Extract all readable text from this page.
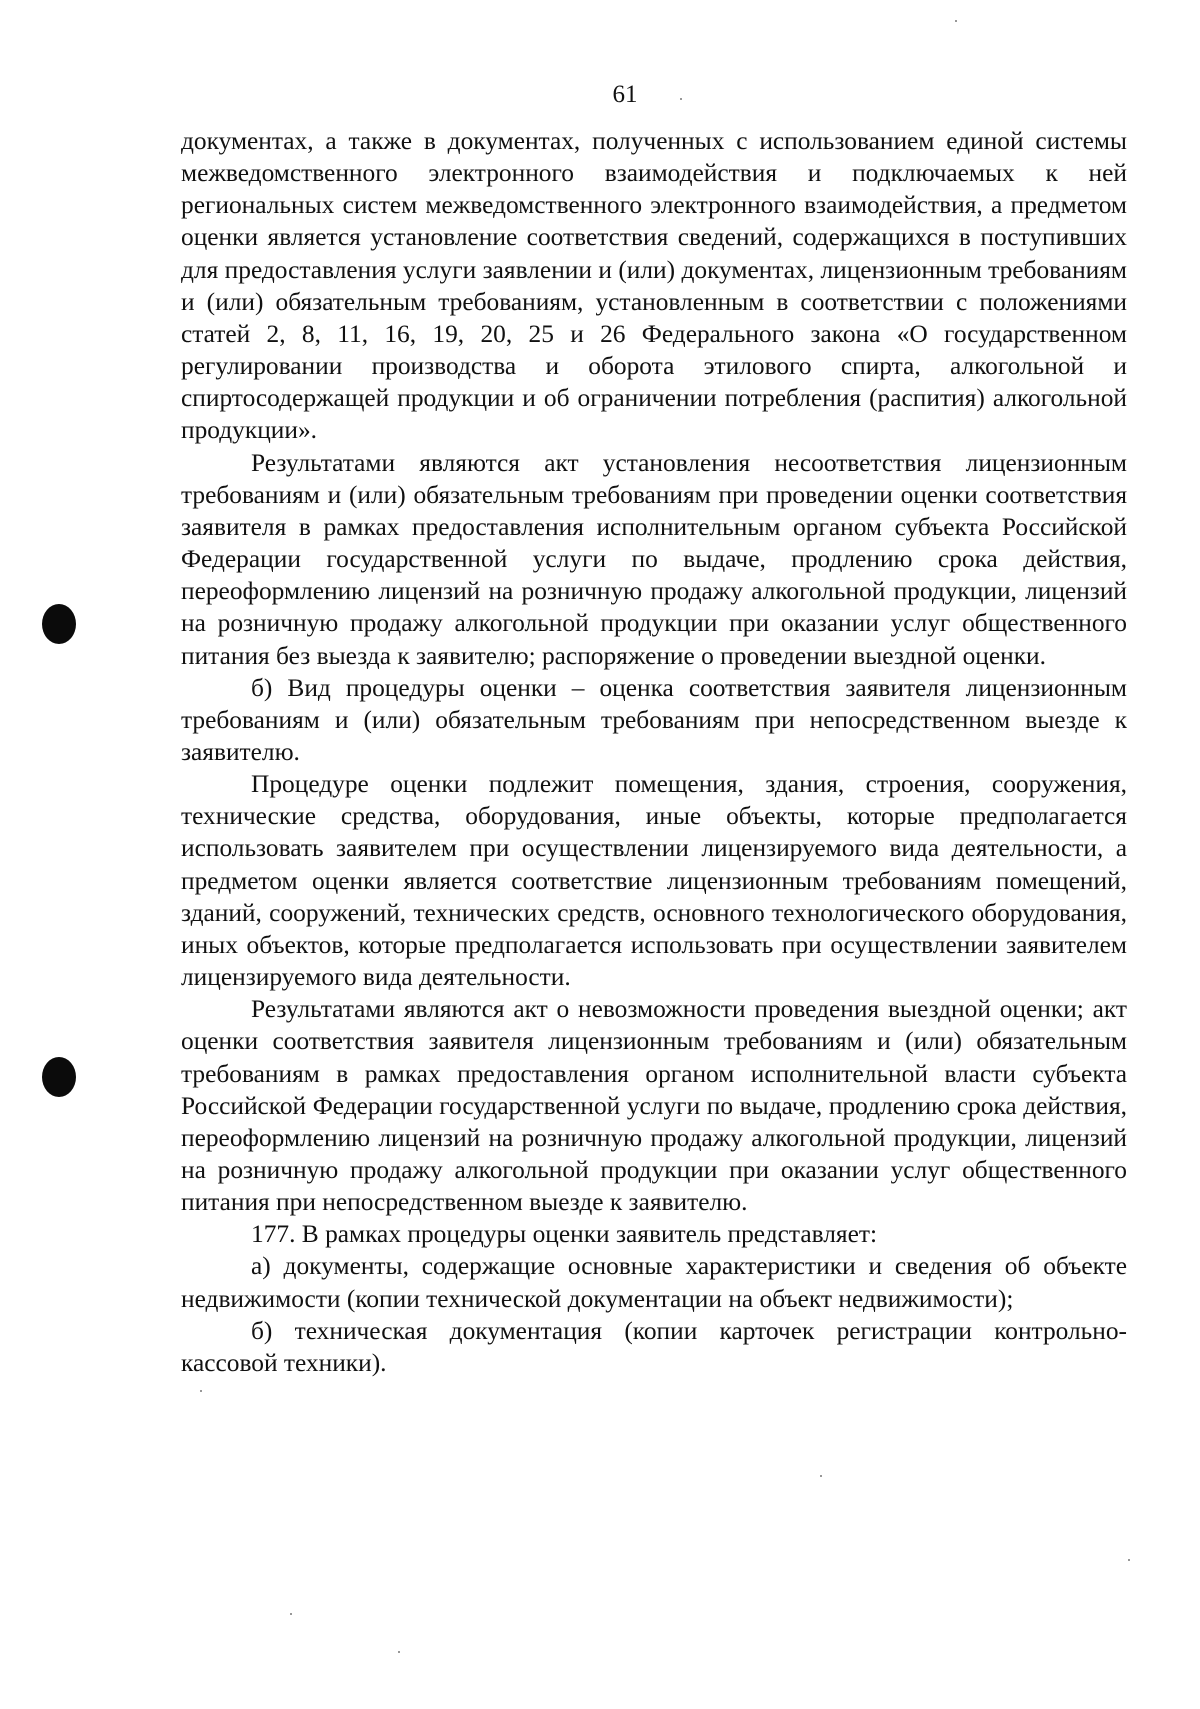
61

документах, а также в документах, полученных с использованием единой системы межведомственного электронного взаимодействия и подключаемых к ней региональных систем межведомственного электронного взаимодействия, а предметом оценки является установление соответствия сведений, содержащихся в поступивших для предоставления услуги заявлении и (или) документах, лицензионным требованиям и (или) обязательным требованиям, установленным в соответствии с положениями статей 2, 8, 11, 16, 19, 20, 25 и 26 Федерального закона «О государственном регулировании производства и оборота этилового спирта, алкогольной и спиртосодержащей продукции и об ограничении потребления (распития) алкогольной продукции».

Результатами являются акт установления несоответствия лицензионным требованиям и (или) обязательным требованиям при проведении оценки соответствия заявителя в рамках предоставления исполнительным органом субъекта Российской Федерации государственной услуги по выдаче, продлению срока действия, переоформлению лицензий на розничную продажу алкогольной продукции, лицензий на розничную продажу алкогольной продукции при оказании услуг общественного питания без выезда к заявителю; распоряжение о проведении выездной оценки.

б) Вид процедуры оценки – оценка соответствия заявителя лицензионным требованиям и (или) обязательным требованиям при непосредственном выезде к заявителю.

Процедуре оценки подлежит помещения, здания, строения, сооружения, технические средства, оборудования, иные объекты, которые предполагается использовать заявителем при осуществлении лицензируемого вида деятельности, а предметом оценки является соответствие лицензионным требованиям помещений, зданий, сооружений, технических средств, основного технологического оборудования, иных объектов, которые предполагается использовать при осуществлении заявителем лицензируемого вида деятельности.

Результатами являются акт о невозможности проведения выездной оценки; акт оценки соответствия заявителя лицензионным требованиям и (или) обязательным требованиям в рамках предоставления органом исполнительной власти субъекта Российской Федерации государственной услуги по выдаче, продлению срока действия, переоформлению лицензий на розничную продажу алкогольной продукции, лицензий на розничную продажу алкогольной продукции при оказании услуг общественного питания при непосредственном выезде к заявителю.

177. В рамках процедуры оценки заявитель представляет:

а) документы, содержащие основные характеристики и сведения об объекте недвижимости (копии технической документации на объект недвижимости);

б) техническая документация (копии карточек регистрации контрольно-кассовой техники).
